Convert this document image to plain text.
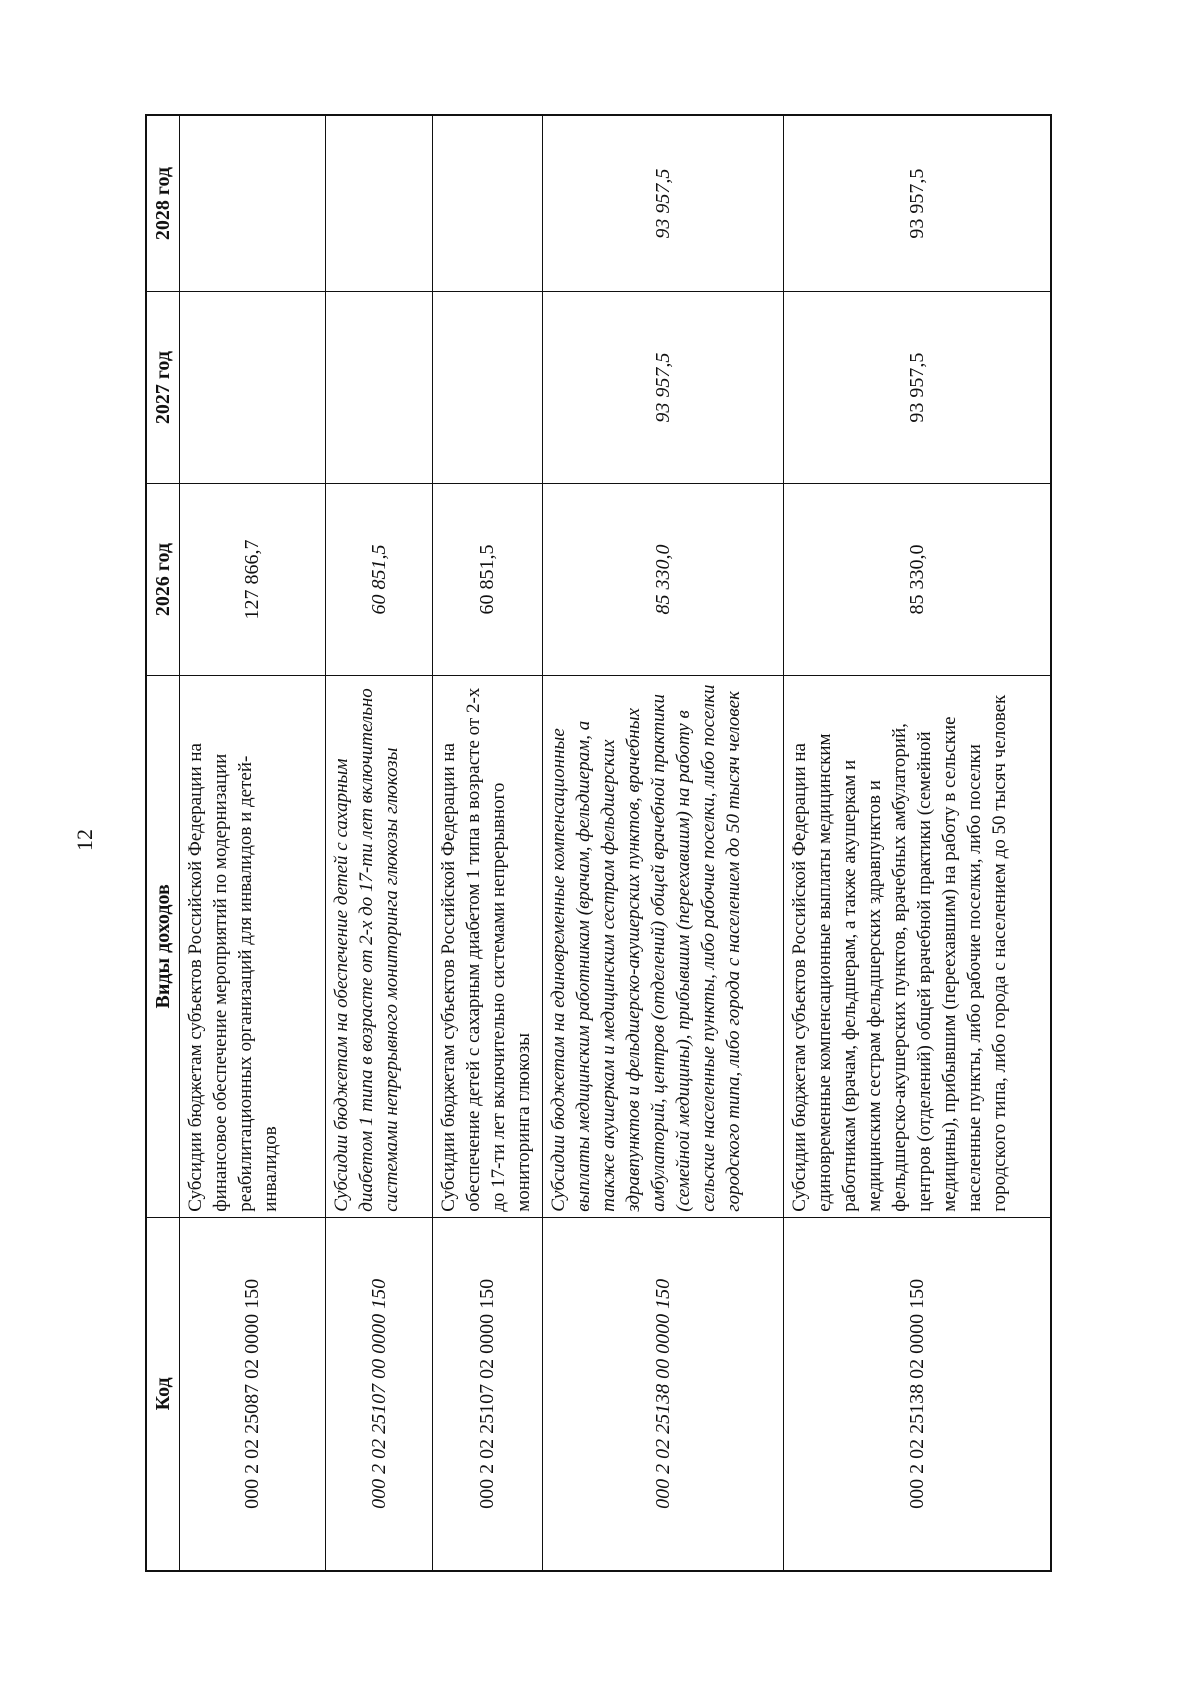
12
Код	Виды доходов	2026 год	2027 год	2028 год
000 2 02 25087 02 0000 150	Субсидии бюджетам субъектов Российской Федерации на финансовое обеспечение мероприятий по модернизации реабилитационных организаций для инвалидов и детей-инвалидов	127 866,7		
000 2 02 25107 00 0000 150	Субсидии бюджетам на обеспечение детей с сахарным диабетом 1 типа в возрасте от 2-х до 17-ти лет включительно системами непрерывного мониторинга глюкозы глюкозы	60 851,5		
000 2 02 25107 02 0000 150	Субсидии бюджетам субъектов Российской Федерации на обеспечение детей с сахарным диабетом 1 типа в возрасте от 2-х до 17-ти лет включительно системами непрерывного мониторинга глюкозы	60 851,5		
000 2 02 25138 00 0000 150	Субсидии бюджетам на единовременные компенсационные выплаты медицинским работникам (врачам, фельдшерам, а также акушеркам и медицинским сестрам фельдшерских здравпунктов и фельдшерско-акушерских пунктов, врачебных амбулаторий, центров (отделений) общей врачебной практики (семейной медицины), прибывшим (переехавшим) на работу в сельские населенные пункты, либо рабочие поселки, либо поселки городского типа, либо города с населением до 50 тысяч человек	85 330,0	93 957,5	93 957,5
000 2 02 25138 02 0000 150	Субсидии бюджетам субъектов Российской Федерации на единовременные компенсационные выплаты медицинским работникам (врачам, фельдшерам, а также акушеркам и медицинским сестрам фельдшерских здравпунктов и фельдшерско-акушерских пунктов, врачебных амбулаторий, центров (отделений) общей врачебной практики (семейной медицины), прибывшим (переехавшим) на работу в сельские населенные пункты, либо рабочие поселки, либо поселки городского типа, либо города с населением до 50 тысяч человек	85 330,0	93 957,5	93 957,5
